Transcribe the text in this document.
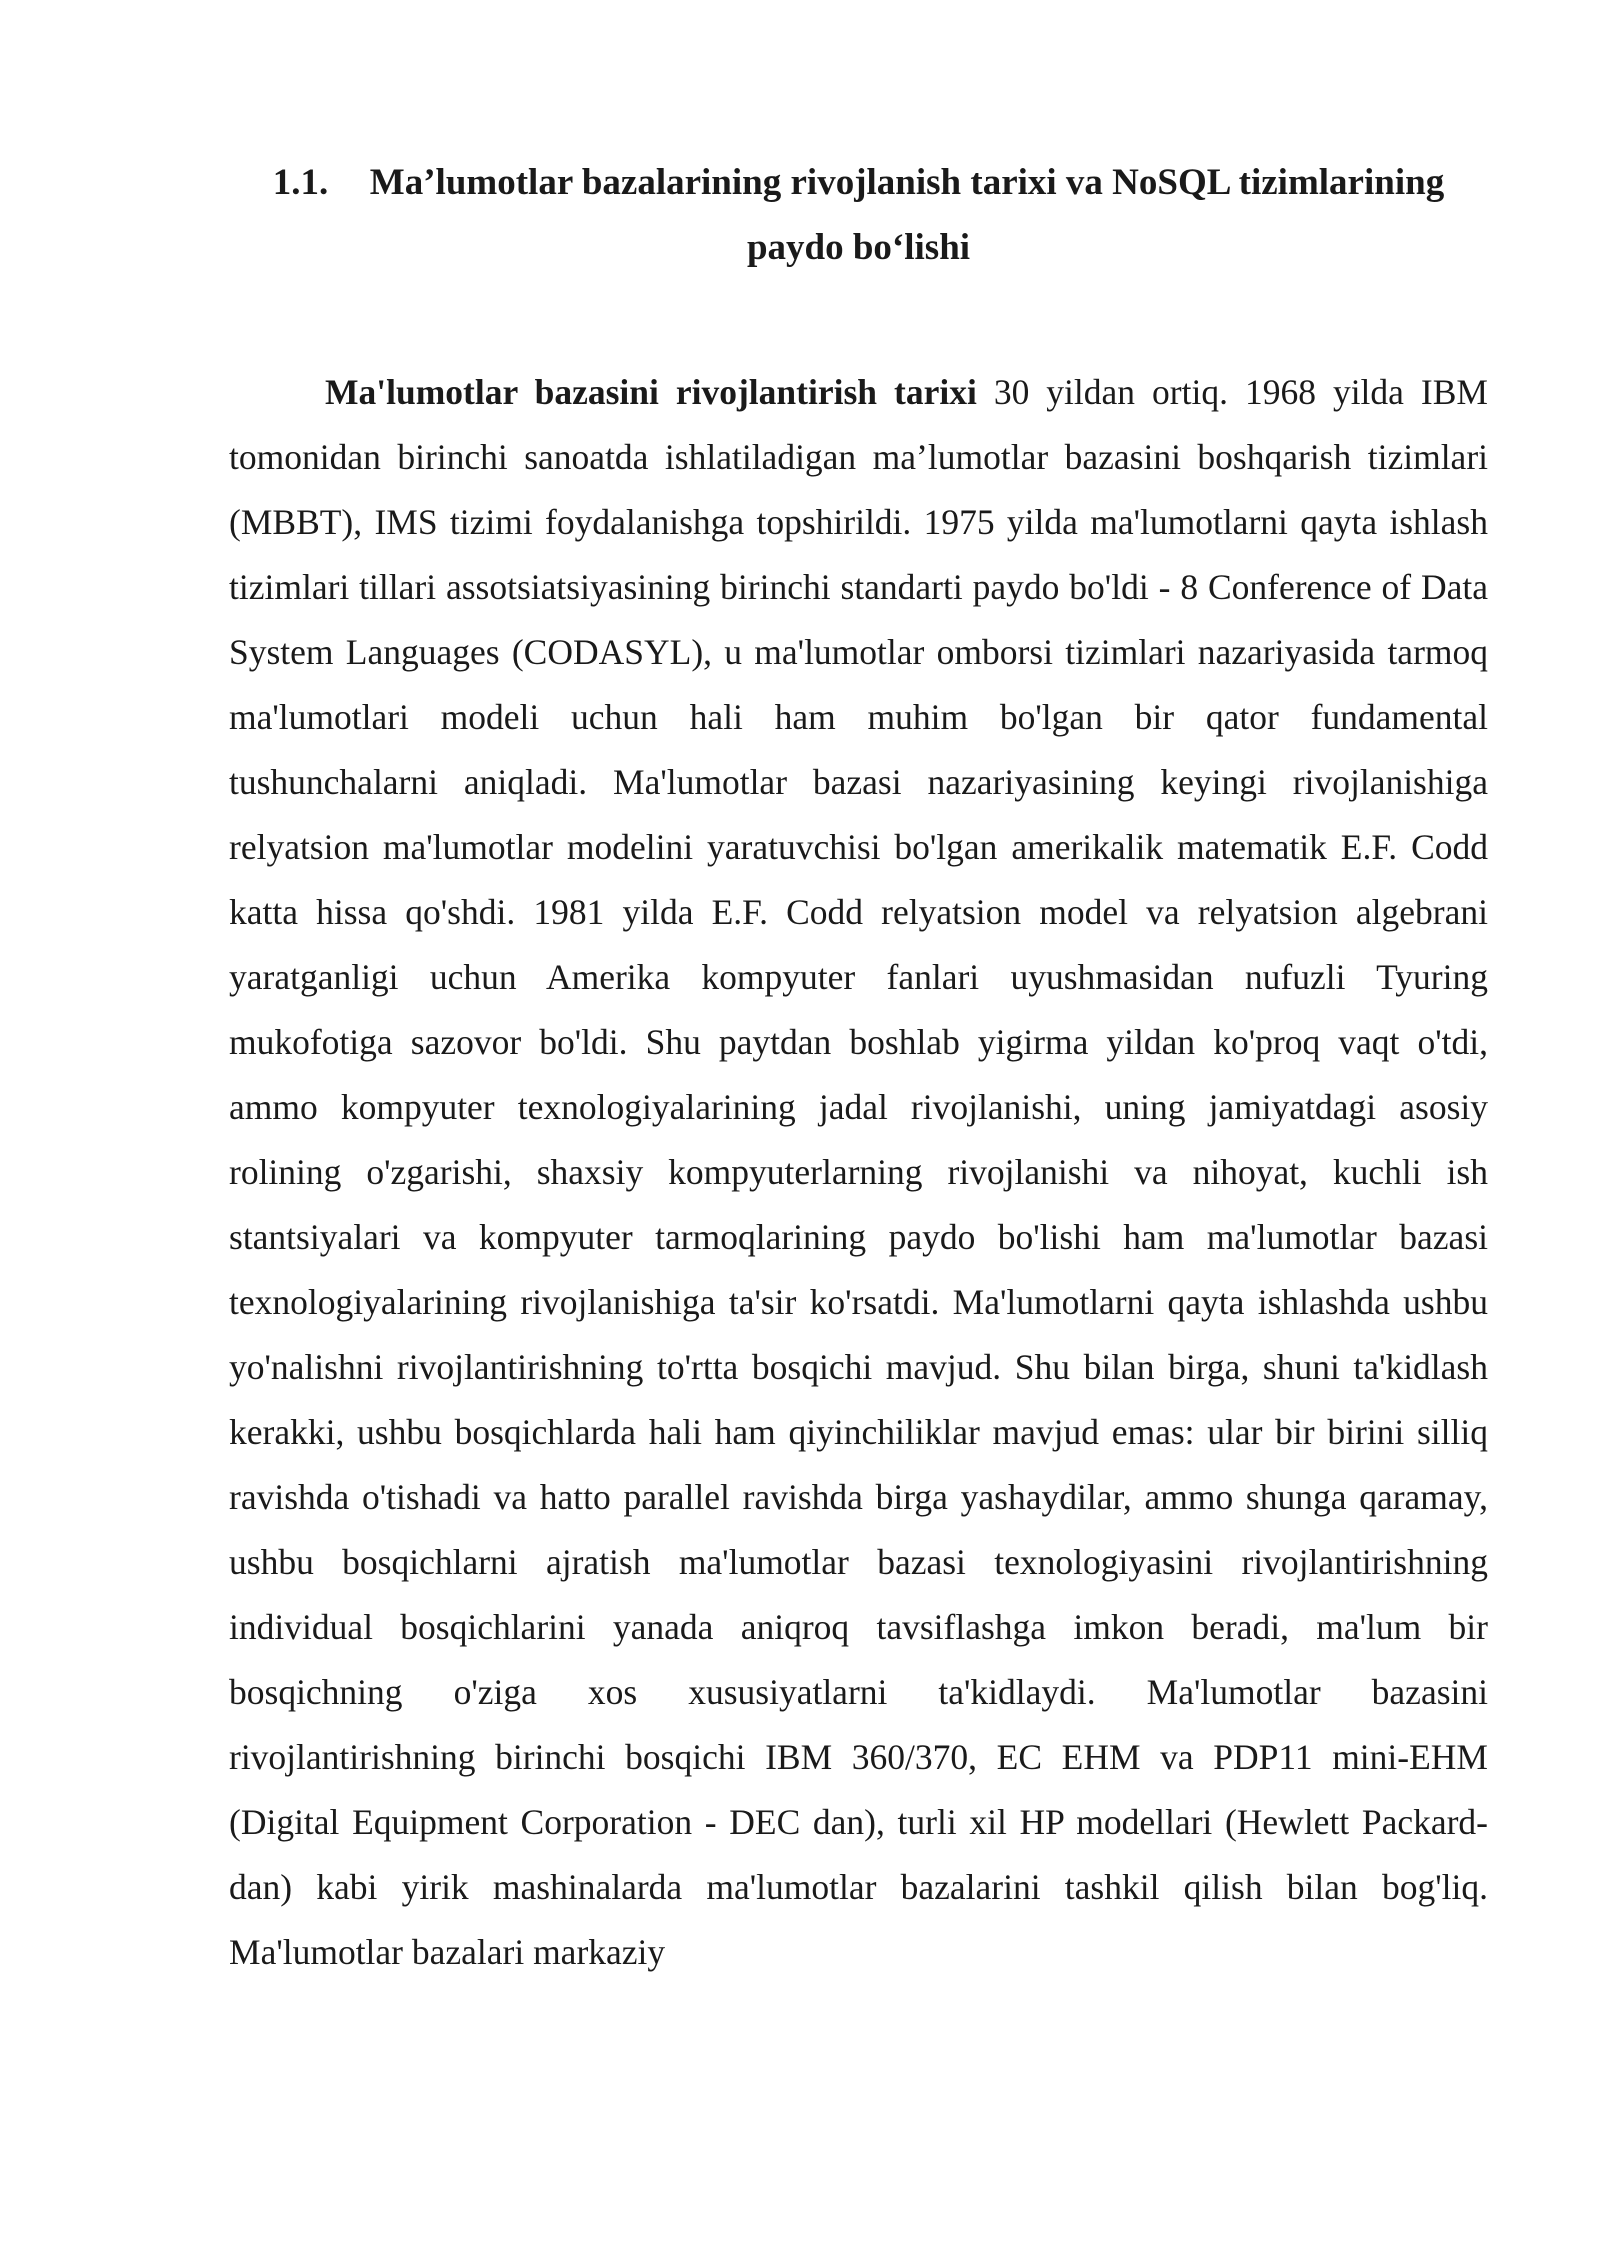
1.1. Ma’lumotlar bazalarining rivojlanish tarixi va NoSQL tizimlarining
paydo bo‘lishi

Ma'lumotlar bazasini rivojlantirish tarixi 30 yildan ortiq. 1968 yilda IBM tomonidan birinchi sanoatda ishlatiladigan ma’lumotlar bazasini boshqarish tizimlari (MBBT), IMS tizimi foydalanishga topshirildi. 1975 yilda ma'lumotlarni qayta ishlash tizimlari tillari assotsiatsiyasining birinchi standarti paydo bo'ldi - 8 Conference of Data System Languages (CODASYL), u ma'lumotlar omborsi tizimlari nazariyasida tarmoq ma'lumotlari modeli uchun hali ham muhim bo'lgan bir qator fundamental tushunchalarni aniqladi. Ma'lumotlar bazasi nazariyasining keyingi rivojlanishiga relyatsion ma'lumotlar modelini yaratuvchisi bo'lgan amerikalik matematik E.F. Codd katta hissa qo'shdi. 1981 yilda E.F. Codd relyatsion model va relyatsion algebrani yaratganligi uchun Amerika kompyuter fanlari uyushmasidan nufuzli Tyuring mukofotiga sazovor bo'ldi. Shu paytdan boshlab yigirma yildan ko'proq vaqt o'tdi, ammo kompyuter texnologiyalarining jadal rivojlanishi, uning jamiyatdagi asosiy rolining o'zgarishi, shaxsiy kompyuterlarning rivojlanishi va nihoyat, kuchli ish stantsiyalari va kompyuter tarmoqlarining paydo bo'lishi ham ma'lumotlar bazasi texnologiyalarining rivojlanishiga ta'sir ko'rsatdi. Ma'lumotlarni qayta ishlashda ushbu yo'nalishni rivojlantirishning to'rtta bosqichi mavjud. Shu bilan birga, shuni ta'kidlash kerakki, ushbu bosqichlarda hali ham qiyinchiliklar mavjud emas: ular bir birini silliq ravishda o'tishadi va hatto parallel ravishda birga yashaydilar, ammo shunga qaramay, ushbu bosqichlarni ajratish ma'lumotlar bazasi texnologiyasini rivojlantirishning individual bosqichlarini yanada aniqroq tavsiflashga imkon beradi, ma'lum bir bosqichning o'ziga xos xususiyatlarni ta'kidlaydi. Ma'lumotlar bazasini rivojlantirishning birinchi bosqichi IBM 360/370, EC EHM va PDP11 mini-EHM (Digital Equipment Corporation - DEC dan), turli xil HP modellari (Hewlett Packard-dan) kabi yirik mashinalarda ma'lumotlar bazalarini tashkil qilish bilan bog'liq. Ma'lumotlar bazalari markaziy
